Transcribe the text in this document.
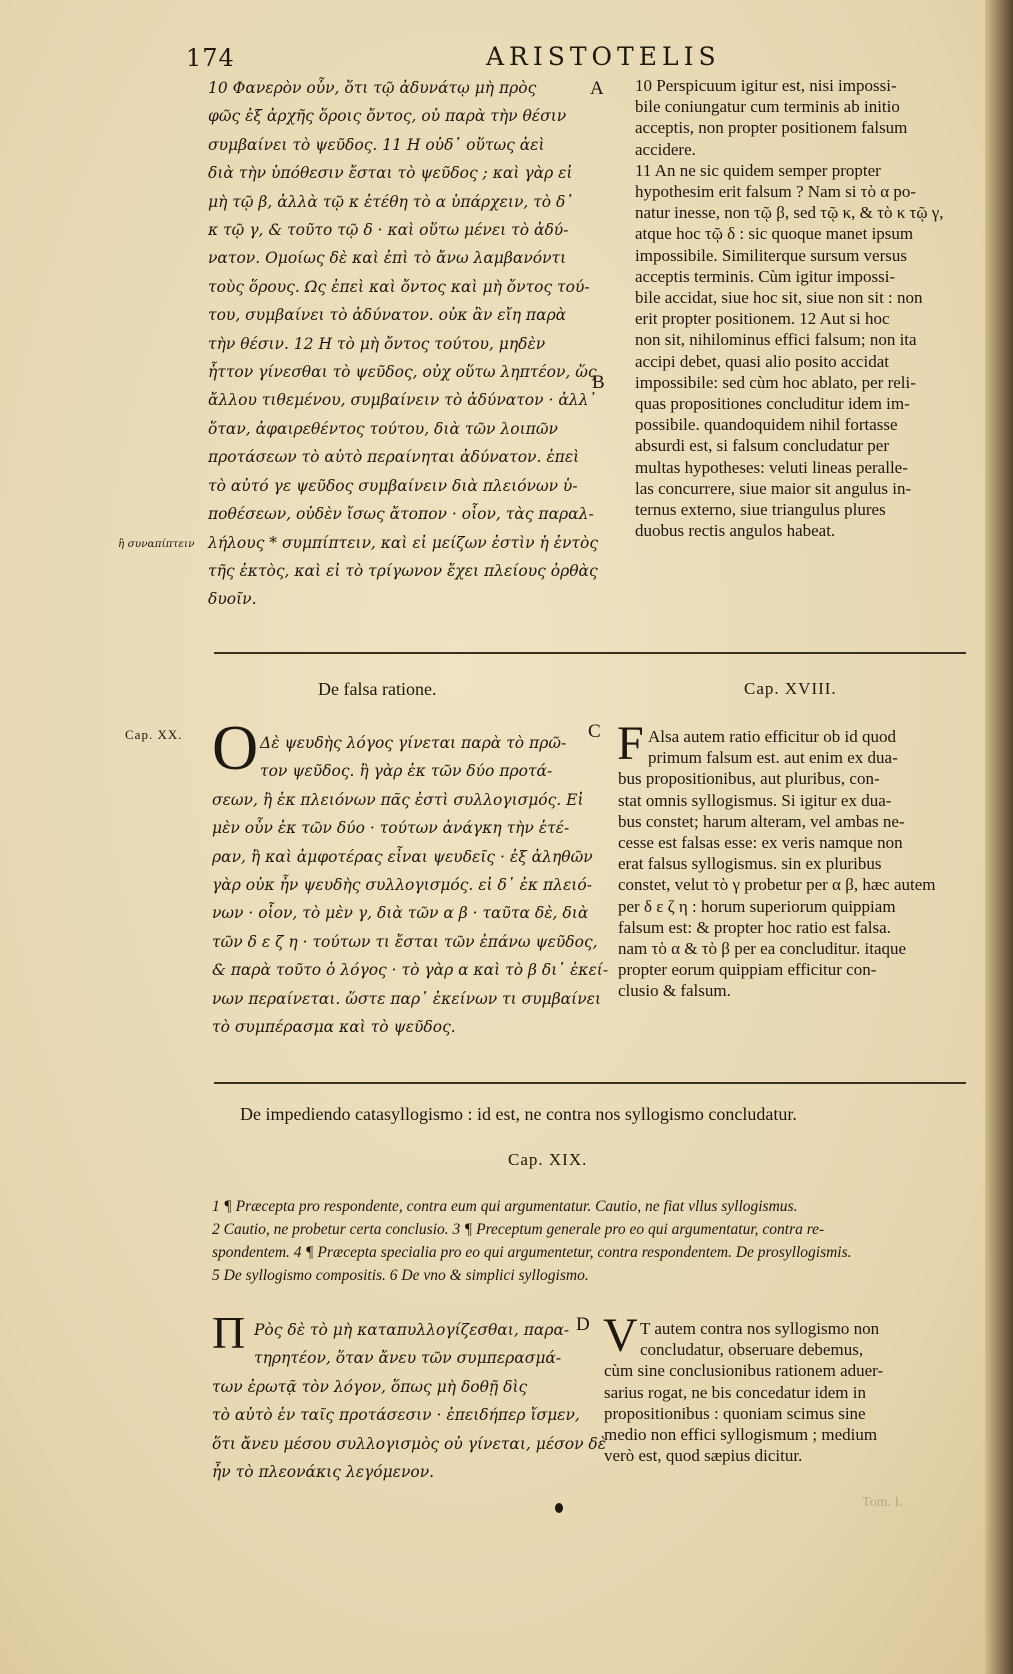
174	ARISTOTELIS

10 Φανερὸν οὖν, ὅτι τῷ ἀδυνάτῳ μὴ πρὸς

φῶς ἐξ ἀρχῆς ὅροις ὄντος, οὐ παρὰ τὴν θέσιν

συμβαίνει τὸ ψεῦδος. 11 Η οὐδ᾽ οὕτως ἀεὶ

διὰ τὴν ὑπόθεσιν ἔσται τὸ ψεῦδος ; καὶ γὰρ εἰ

μὴ τῷ β, ἀλλὰ τῷ κ ἐτέθη τὸ α ὑπάρχειν, τὸ δ᾽

κ τῷ γ, & τοῦτο τῷ δ · καὶ οὕτω μένει τὸ ἀδύ-

νατον. Ομοίως δὲ καὶ ἐπὶ τὸ ἄνω λαμβανόντι

τοὺς ὅρους. Ως ἐπεὶ καὶ ὄντος καὶ μὴ ὄντος τού-

του, συμβαίνει τὸ ἀδύνατον. οὐκ ἂν εἴη παρὰ

τὴν θέσιν. 12 Η τὸ μὴ ὄντος τούτου, μηδὲν

ἧττον γίνεσθαι τὸ ψεῦδος, οὐχ οὕτω ληπτέον, ὥς

ἄλλου τιθεμένου, συμβαίνειν τὸ ἀδύνατον · ἀλλ᾽

ὅταν, ἀφαιρεθέντος τούτου, διὰ τῶν λοιπῶν

προτάσεων τὸ αὐτὸ περαίνηται ἀδύνατον. ἐπεὶ

τὸ αὐτό γε ψεῦδος συμβαίνειν διὰ πλειόνων ὑ-

ποθέσεων, οὐδὲν ἴσως ἄτοπον · οἷον, τὰς παραλ-

λήλους * συμπίπτειν, καὶ εἰ μείζων ἐστὶν ἡ ἐντὸς

τῆς ἐκτὸς, καὶ εἰ τὸ τρίγωνον ἔχει πλείους ὀρθὰς

δυοῖν.

ἢ συναπίπτειν
A
B

10 Perspicuum igitur est, nisi impossi-

bile coniungatur cum terminis ab initio

acceptis, non propter positionem falsum

accidere.

11 An ne sic quidem semper propter

hypothesim erit falsum ? Nam si τὸ α po-

natur inesse, non τῷ β, sed τῷ κ, & τὸ κ τῷ γ,

atque hoc τῷ δ : sic quoque manet ipsum

impossibile. Similiterque sursum versus

acceptis terminis. Cùm igitur impossi-

bile accidat, siue hoc sit, siue non sit : non

erit propter positionem. 12 Aut si hoc

non sit, nihilominus effici falsum; non ita

accipi debet, quasi alio posito accidat

impossibile: sed cùm hoc ablato, per reli-

quas propositiones concluditur idem im-

possibile. quandoquidem nihil fortasse

absurdi est, si falsum concludatur per

multas hypotheses: veluti lineas peralle-

las concurrere, siue maior sit angulus in-

ternus externo, siue triangulus plures

duobus rectis angulos habeat.

De falsa ratione.	Cap. XVIII.
Cap. XX.	C
O Δὲ ψευδὴς λόγος γίνεται παρὰ τὸ πρῶ-

τον ψεῦδος. ἢ γὰρ ἐκ τῶν δύο προτά-

σεων, ἢ ἐκ πλειόνων πᾶς ἐστὶ συλλογισμός. Εἰ

μὲν οὖν ἐκ τῶν δύο · τούτων ἀνάγκη τὴν ἑτέ-

ραν, ἢ καὶ ἀμφοτέρας εἶναι ψευδεῖς · ἐξ ἀληθῶν

γὰρ οὐκ ἦν ψευδὴς συλλογισμός. εἰ δ᾽ ἐκ πλειό-

νων · οἷον, τὸ μὲν γ, διὰ τῶν α β · ταῦτα δὲ, διὰ

τῶν δ ε ζ η · τούτων τι ἔσται τῶν ἐπάνω ψεῦδος,

& παρὰ τοῦτο ὁ λόγος · τὸ γὰρ α καὶ τὸ β δι᾽ ἐκεί-

νων περαίνεται. ὥστε παρ᾽ ἐκείνων τι συμβαίνει

τὸ συμπέρασμα καὶ τὸ ψεῦδος.

F Alsa autem ratio efficitur ob id quod

primum falsum est. aut enim ex dua-

bus propositionibus, aut pluribus, con-

stat omnis syllogismus. Si igitur ex dua-

bus constet; harum alteram, vel ambas ne-

cesse est falsas esse: ex veris namque non

erat falsus syllogismus. sin ex pluribus

constet, velut τὸ γ probetur per α β, hæc autem

per δ ε ζ η : horum superiorum quippiam

falsum est: & propter hoc ratio est falsa.

nam τὸ α & τὸ β per ea concluditur. itaque

propter eorum quippiam efficitur con-

clusio & falsum.

De impediendo catasyllogismo : id est, ne contra nos syllogismo concludatur.
Cap. XIX.

1 ¶ Præcepta pro respondente, contra eum qui argumentatur. Cautio, ne fiat vllus syllogismus.

2 Cautio, ne probetur certa conclusio. 3 ¶ Preceptum generale pro eo qui argumentatur, contra re-

spondentem. 4 ¶ Præcepta specialia pro eo qui argumentetur, contra respondentem. De prosyllogismis.

5 De syllogismo compositis. 6 De vno & simplici syllogismo.

D
Π Ρὸς δὲ τὸ μὴ καταπυλλογίζεσθαι, παρα-

τηρητέον, ὅταν ἄνευ τῶν συμπερασμά-

των ἐρωτᾷ τὸν λόγον, ὅπως μὴ δοθῇ δὶς

τὸ αὐτὸ ἐν ταῖς προτάσεσιν · ἐπειδήπερ ἴσμεν,

ὅτι ἄνευ μέσου συλλογισμὸς οὐ γίνεται, μέσον δὲ

ἦν τὸ πλεονάκις λεγόμενον.

V T autem contra nos syllogismo non

concludatur, obseruare debemus,

cùm sine conclusionibus rationem aduer-

sarius rogat, ne bis concedatur idem in

propositionibus : quoniam scimus sine

medio non effici syllogismum ; medium

verò est, quod sæpius dicitur.

Tom. I.
